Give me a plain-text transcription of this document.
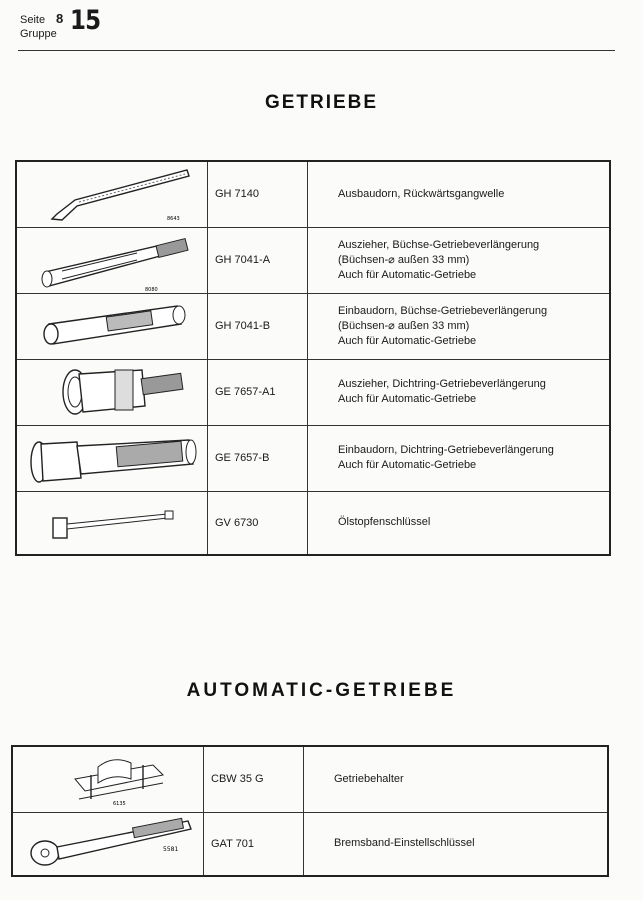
Seite 8
Gruppe 15
GETRIEBE
8643	GH 7140	Ausbaudorn, Rückwärtsgangwelle

8080	GH 7041-A	Auszieher, Büchse-Getriebeverlängerung
(Büchsen-⌀ außen 33 mm)
Auch für Automatic-Getriebe

	GH 7041-B	Einbaudorn, Büchse-Getriebeverlängerung
(Büchsen-⌀ außen 33 mm)
Auch für Automatic-Getriebe

	GE 7657-A1	Auszieher, Dichtring-Getriebeverlängerung
Auch für Automatic-Getriebe

	GE 7657-B	Einbaudorn, Dichtring-Getriebeverlängerung
Auch für Automatic-Getriebe

	GV 6730	Ölstopfenschlüssel
AUTOMATIC-GETRIEBE
6135	CBW 35 G	Getriebehalter

5581	GAT 701	Bremsband-Einstellschlüssel
